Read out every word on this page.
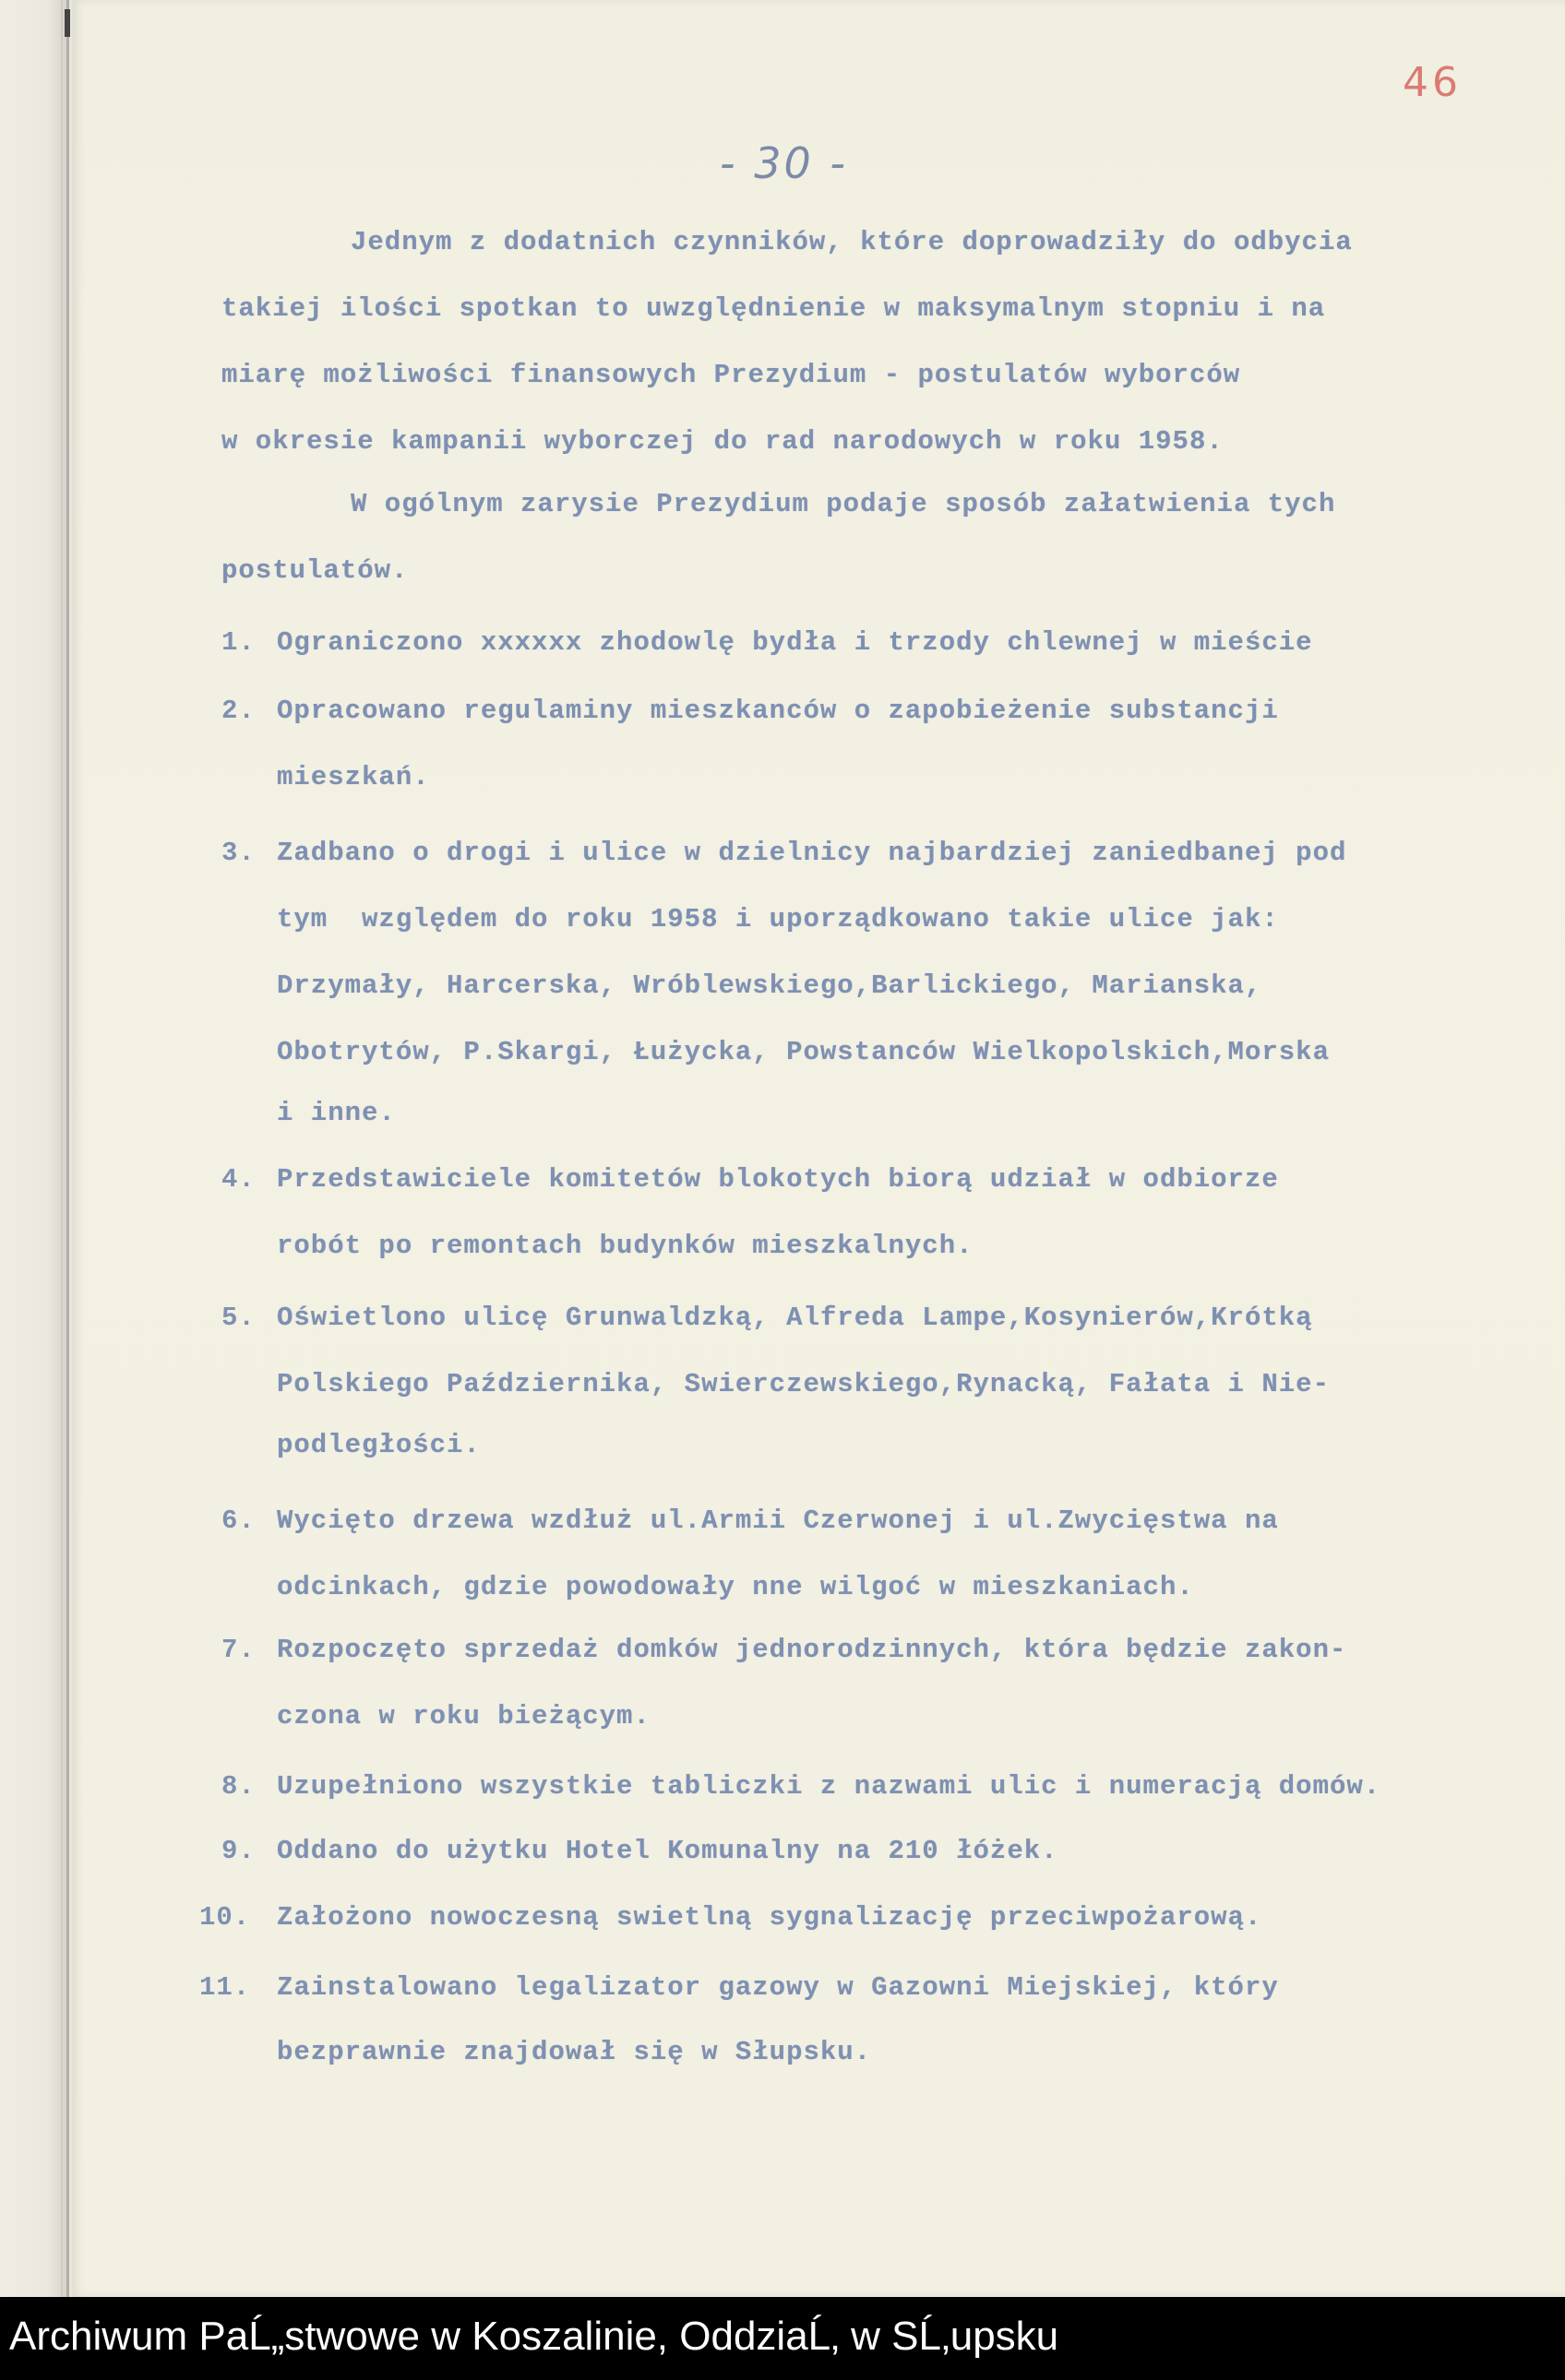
46
- 30 -
Jednym z dodatnich czynników, które doprowadziły do odbycia
takiej ilości spotkan to uwzględnienie w maksymalnym stopniu i na
miarę możliwości finansowych Prezydium - postulatów wyborców
w okresie kampanii wyborczej do rad narodowych w roku 1958.
W ogólnym zarysie Prezydium podaje sposób załatwienia tych
postulatów.
1. Ograniczono xxxxxx zhodowlę bydła i trzody chlewnej w mieście
2. Opracowano regulaminy mieszkanców o zapobieżenie substancji
mieszkań.
3. Zadbano o drogi i ulice w dzielnicy najbardziej zaniedbanej pod
tym  względem do roku 1958 i uporządkowano takie ulice jak:
Drzymały, Harcerska, Wróblewskiego,Barlickiego, Marianska,
Obotrytów, P.Skargi, Łużycka, Powstanców Wielkopolskich,Morska
i inne.
4. Przedstawiciele komitetów blokotych biorą udział w odbiorze
robót po remontach budynków mieszkalnych.
5. Oświetlono ulicę Grunwaldzką, Alfreda Lampe,Kosynierów,Krótką
Polskiego Października, Swierczewskiego,Rynacką, Fałata i Nie-
podległości.
6. Wycięto drzewa wzdłuż ul.Armii Czerwonej i ul.Zwycięstwa na
odcinkach, gdzie powodowały nne wilgoć w mieszkaniach.
7. Rozpoczęto sprzedaż domków jednorodzinnych, która będzie zakon-
czona w roku bieżącym.
8. Uzupełniono wszystkie tabliczki z nazwami ulic i numeracją domów.
9. Oddano do użytku Hotel Komunalny na 210 łóżek.
10. Założono nowoczesną swietlną sygnalizację przeciwpożarową.
11. Zainstalowano legalizator gazowy w Gazowni Miejskiej, który
bezprawnie znajdował się w Słupsku.
Archiwum PaĹ„stwowe w Koszalinie, OddziaĹ‚ w SĹ‚upsku
